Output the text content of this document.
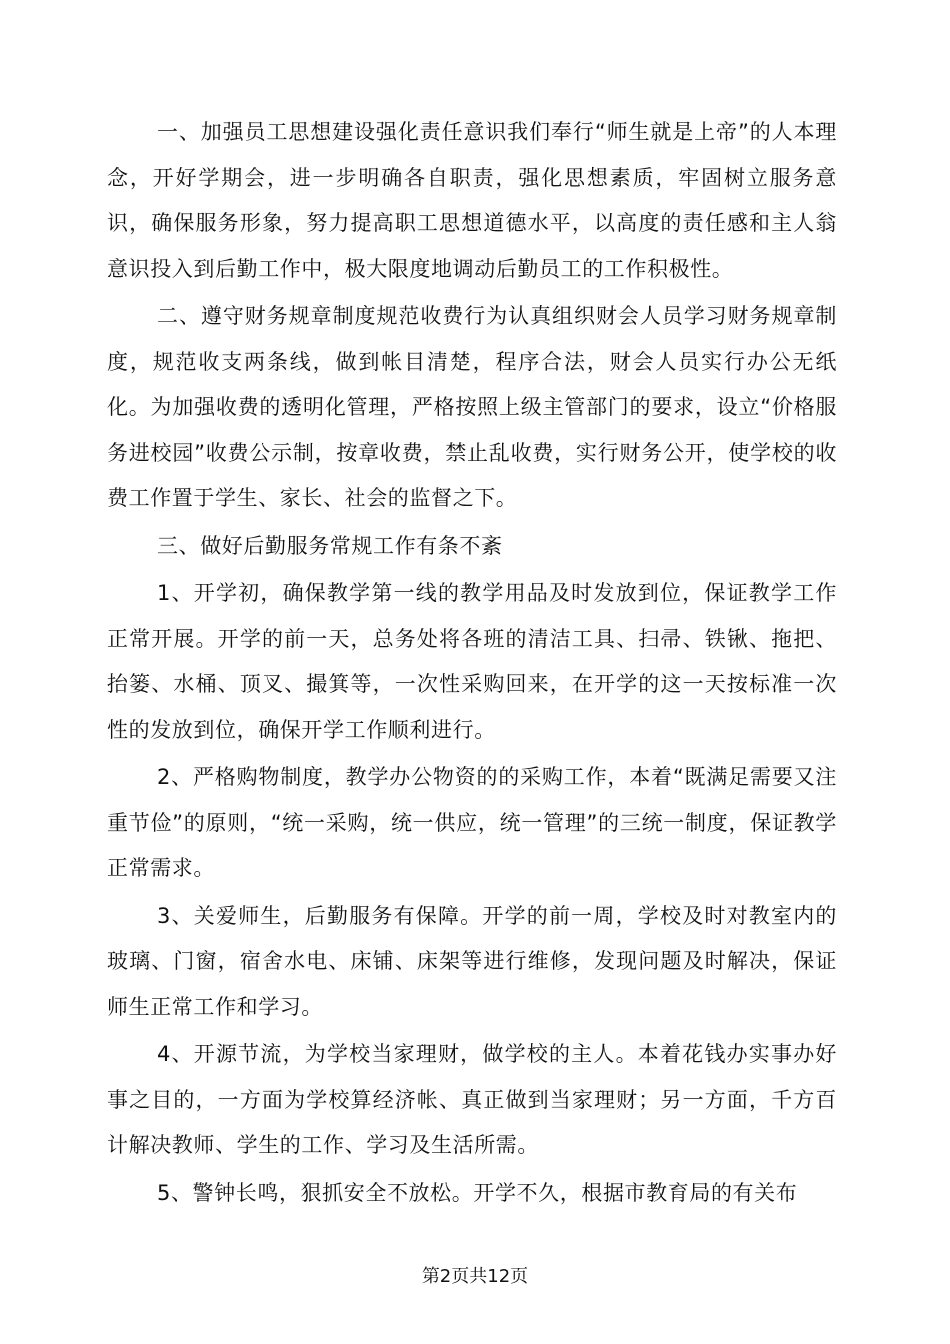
一、加强员工思想建设强化责任意识我们奉行“师生就是上帝”的人本理念，开好学期会，进一步明确各自职责，强化思想素质，牢固树立服务意识，确保服务形象，努力提高职工思想道德水平，以高度的责任感和主人翁意识投入到后勤工作中，极大限度地调动后勤员工的工作积极性。

二、遵守财务规章制度规范收费行为认真组织财会人员学习财务规章制度，规范收支两条线，做到帐目清楚，程序合法，财会人员实行办公无纸化。为加强收费的透明化管理，严格按照上级主管部门的要求，设立“价格服务进校园”收费公示制，按章收费，禁止乱收费，实行财务公开，使学校的收费工作置于学生、家长、社会的监督之下。

三、做好后勤服务常规工作有条不紊

1、开学初，确保教学第一线的教学用品及时发放到位，保证教学工作正常开展。开学的前一天，总务处将各班的清洁工具、扫帚、铁锹、拖把、抬篓、水桶、顶叉、撮箕等，一次性采购回来，在开学的这一天按标准一次性的发放到位，确保开学工作顺利进行。

2、严格购物制度，教学办公物资的的采购工作，本着“既满足需要又注重节俭”的原则，“统一采购，统一供应，统一管理”的三统一制度，保证教学正常需求。

3、关爱师生，后勤服务有保障。开学的前一周，学校及时对教室内的玻璃、门窗，宿舍水电、床铺、床架等进行维修，发现问题及时解决，保证师生正常工作和学习。

4、开源节流，为学校当家理财，做学校的主人。本着花钱办实事办好事之目的，一方面为学校算经济帐、真正做到当家理财；另一方面，千方百计解决教师、学生的工作、学习及生活所需。

5、警钟长鸣，狠抓安全不放松。开学不久，根据市教育局的有关布

第2页共12页
